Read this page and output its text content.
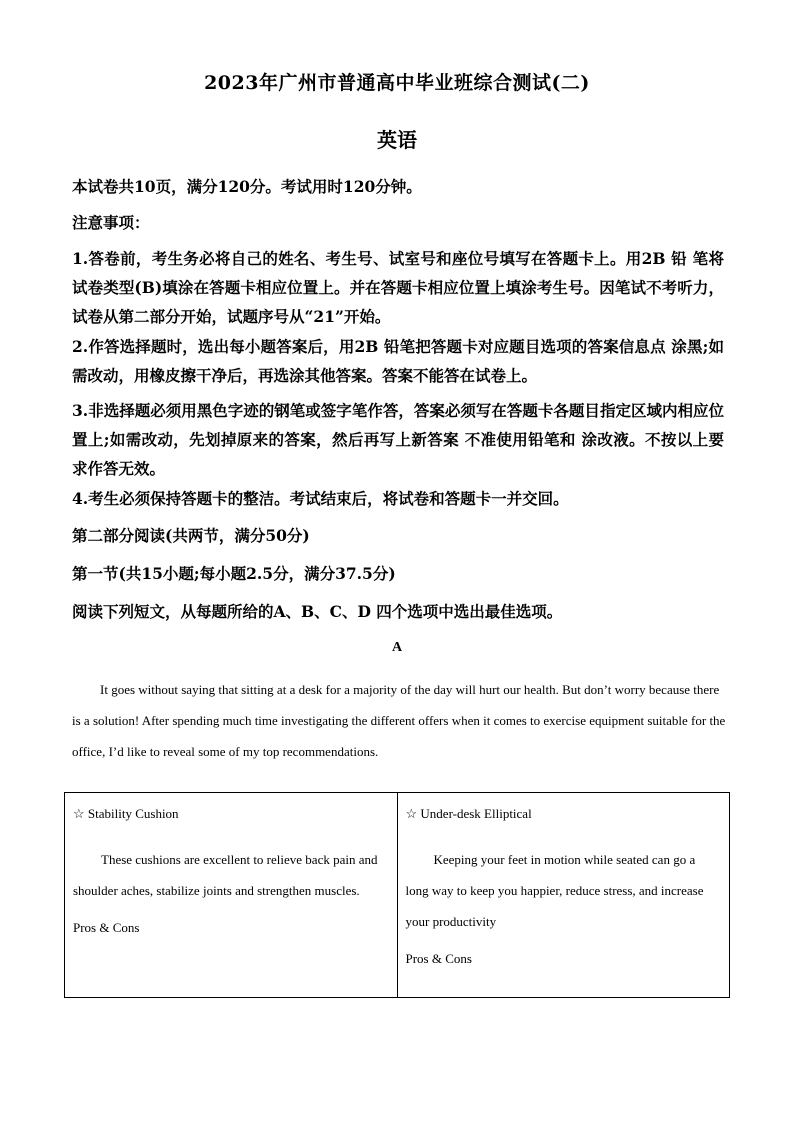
2023年广州市普通高中毕业班综合测试(二)
英语
本试卷共10页，满分120分。考试用时120分钟。
注意事项：
1.答卷前，考生务必将自己的姓名、考生号、试室号和座位号填写在答题卡上。用2B 铅 笔将试卷类型(B)填涂在答题卡相应位置上。并在答题卡相应位置上填涂考生号。因笔试不考听力，试卷从第二部分开始，试题序号从“21”开始。
2.作答选择题时，选出每小题答案后，用2B 铅笔把答题卡对应题目选项的答案信息点 涂黑;如需改动，用橡皮擦干净后，再选涂其他答案。答案不能答在试卷上。
3.非选择题必须用黑色字迹的钢笔或签字笔作答，答案必须写在答题卡各题目指定区域内相应位置上;如需改动，先划掉原来的答案，然后再写上新答案 不准使用铅笔和 涂改液。不按以上要求作答无效。
4.考生必须保持答题卡的整洁。考试结束后，将试卷和答题卡一并交回。
第二部分阅读(共两节，满分50分)
第一节(共15小题;每小题2.5分，满分37.5分)
阅读下列短文，从每题所给的A、B、C、D 四个选项中选出最佳选项。
A

It goes without saying that sitting at a desk for a majority of the day will hurt our health. But don’t worry because there is a solution! After spending much time investigating the different offers when it comes to exercise equipment suitable for the office, I’d like to reveal some of my top recommendations.

☆ Stability Cushion
These cushions are excellent to relieve back pain and shoulder aches, stabilize joints and strengthen muscles.
Pros & Cons
☆ Under-desk Elliptical
Keeping your feet in motion while seated can go a long way to keep you happier, reduce stress, and increase your productivity
Pros & Cons
